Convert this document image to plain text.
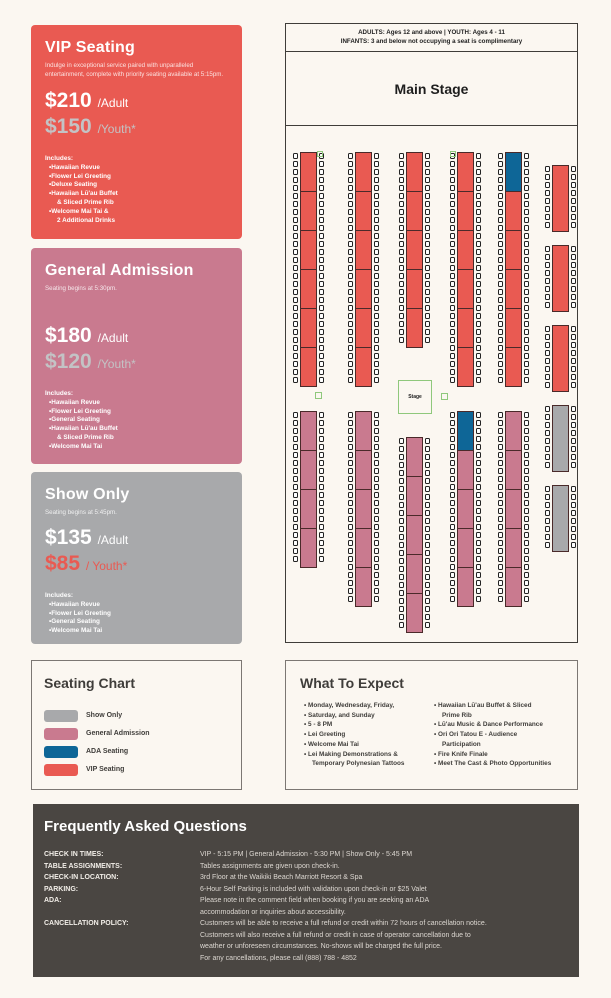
VIP Seating
Indulge in exceptional service paired with unparalleled entertainment, complete with priority seating available at 5:15pm.
$210 /Adult
$150 /Youth*
Includes:
• Hawaiian Revue
• Flower Lei Greeting
• Deluxe Seating
• Hawaiian Lū'au Buffet
& Sliced Prime Rib
• Welcome Mai Tai &
2 Additional Drinks
General Admission
Seating begins at 5:30pm.
$180 /Adult
$120 /Youth*
Includes:
• Hawaiian Revue
• Flower Lei Greeting
• General Seating
• Hawaiian Lū'au Buffet
& Sliced Prime Rib
• Welcome Mai Tai
Show Only
Seating begins at 5:45pm.
$135 /Adult
$85 / Youth*
Includes:
• Hawaiian Revue
• Flower Lei Greeting
• General Seating
• Welcome Mai Tai
ADULTS: Ages 12 and above | YOUTH: Ages 4 - 11
INFANTS: 3 and below not occupying a seat is complimentary
Main Stage
Stage
Seating Chart
Show Only
General Admission
ADA Seating
VIP Seating
What To Expect
• Monday, Wednesday, Friday,
• Saturday, and Sunday
• 5 - 8 PM
• Lei Greeting
• Welcome Mai Tai
• Lei Making Demonstrations &
Temporary Polynesian Tattoos
• Hawaiian Lū'au Buffet & Sliced
Prime Rib
• Lū'au Music & Dance Performance
• Ori Ori Tatou E - Audience
Participation
• Fire Knife Finale
• Meet The Cast & Photo Opportunities
Frequently Asked Questions
CHECK IN TIMES:	VIP - 5:15 PM | General Admission - 5:30 PM | Show Only - 5:45 PM
TABLE ASSIGNMENTS:	Tables assignments are given upon check-in.
CHECK-IN LOCATION:	3rd Floor at the Waikiki Beach Marriott Resort & Spa
PARKING:	6-Hour Self Parking is included with validation upon check-in or $25 Valet
ADA:	Please note in the comment field when booking if you are seeking an ADA
accommodation or inquiries about accessibility.
CANCELLATION POLICY:	Customers will be able to receive a full refund or credit within 72 hours of cancellation notice.
Customers will also receive a full refund or credit in case of operator cancellation due to
weather or unforeseen circumstances. No-shows will be charged the full price.
For any cancellations, please call (888) 788 - 4852
